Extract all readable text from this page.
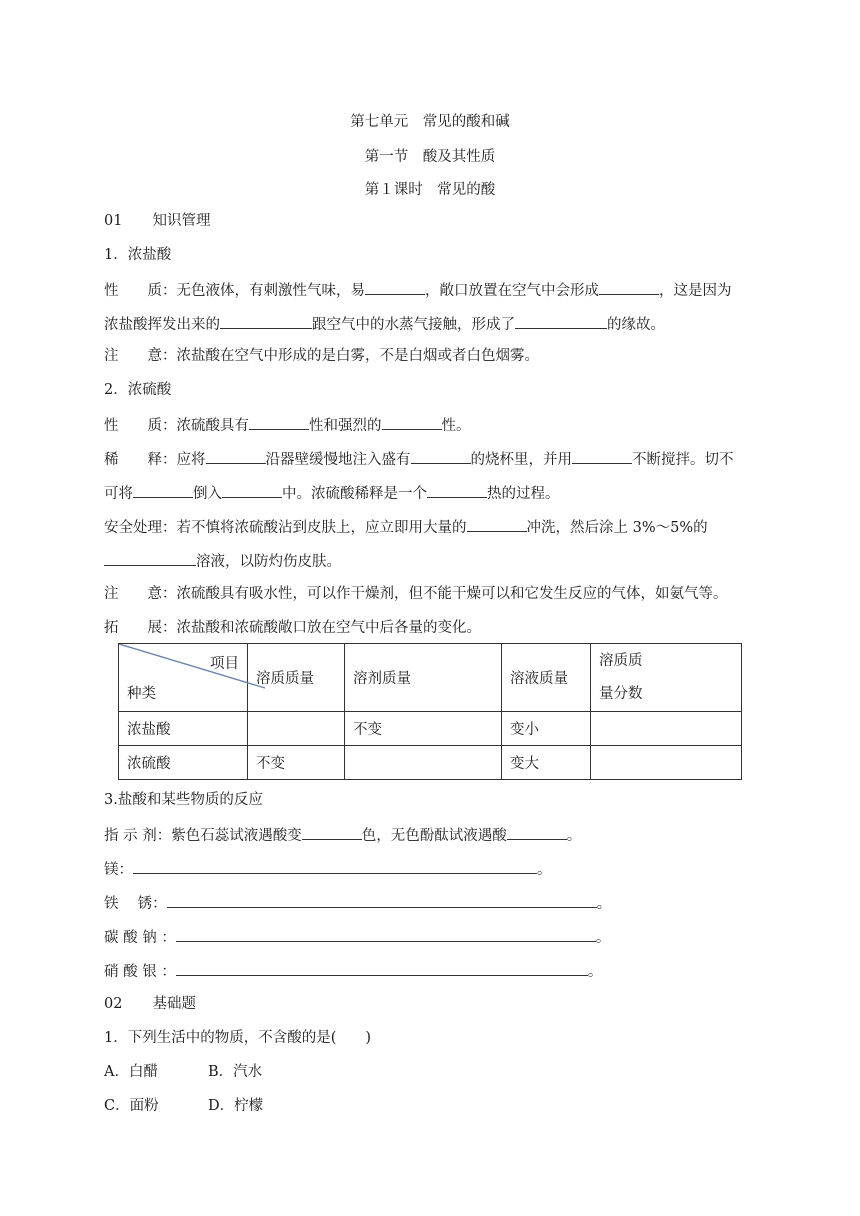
第七单元　常见的酸和碱
第一节　酸及其性质
第１课时　常见的酸
01 知识管理
1．浓盐酸
性　　质：无色液体，有刺激性气味，易	，敞口放置在空气中会形成	，这是因为
浓盐酸挥发出来的	跟空气中的水蒸气接触，形成了	的缘故。
注　　意：浓盐酸在空气中形成的是白雾，不是白烟或者白色烟雾。
2．浓硫酸
性　　质：浓硫酸具有	性和强烈的	性。
稀　　释：应将	沿器壁缓慢地注入盛有	的烧杯里，并用	不断搅拌。切不
可将	倒入	中。浓硫酸稀释是一个	热的过程。
安全处理：若不慎将浓硫酸沾到皮肤上，应立即用大量的	冲洗，然后涂上 3%～5%的
溶液，以防灼伤皮肤。
注　　意：浓硫酸具有吸水性，可以作干燥剂，但不能干燥可以和它发生反应的气体，如氨气等。
拓　　展：浓盐酸和浓硫酸敞口放在空气中后各量的变化。
项目
种类	溶质质量	溶剂质量	溶液质量	溶质质
量分数
浓盐酸		不变	变小	
浓硫酸	不变		变大	
3.盐酸和某些物质的反应
指 示 剂：紫色石蕊试液遇酸变	色，无色酚酞试液遇酸	。
镁：	。
铁　 锈：	。
碳 酸 钠 ：	。
硝 酸 银 ：	。
02 基础题
1．下列生活中的物质，不含酸的是(　　)
A．白醋	B．汽水
C．面粉	D．柠檬
